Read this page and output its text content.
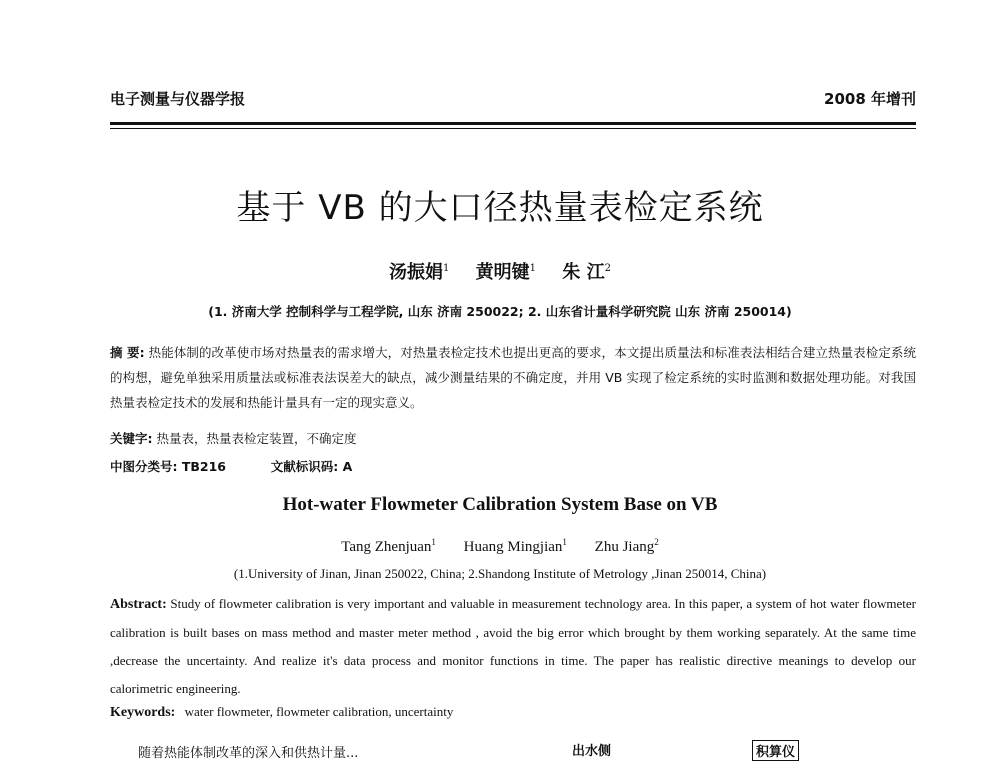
电子测量与仪器学报	2008 年增刊
基于 VB 的大口径热量表检定系统
汤振娟$^1$ 黄明键$^1$ 朱 江$^2$
(1. 济南大学 控制科学与工程学院, 山东 济南 250022; 2. 山东省计量科学研究院 山东 济南 250014)
摘 要: 热能体制的改革使市场对热量表的需求增大，对热量表检定技术也提出更高的要求，本文提出质量法和标准表法相结合建立热量表检定系统的构想，避免单独采用质量法或标准表法误差大的缺点，减少测量结果的不确定度，并用 VB 实现了检定系统的实时监测和数据处理功能。对我国热量表检定技术的发展和热能计量具有一定的现实意义。
关键字: 热量表，热量表检定装置，不确定度
中图分类号: TB216	文献标识码: A
Hot-water Flowmeter Calibration System Base on VB
Tang Zhenjuan$^1$ Huang Mingjian$^1$ Zhu Jiang$^2$
(1.University of Jinan, Jinan 250022, China; 2.Shandong Institute of Metrology ,Jinan 250014, China)
Abstract: Study of flowmeter calibration is very important and valuable in measurement technology area. In this paper, a system of hot water flowmeter calibration is built bases on mass method and master meter method , avoid the big error which brought by them working separately. At the same time ,decrease the uncertainty. And realize it's data process and monitor functions in time. The paper has realistic directive meanings to develop our calorimetric engineering.
Keywords: water flowmeter, flowmeter calibration, uncertainty
随着热能体制改革的深入和供热计量...	出水侧	积算仪
